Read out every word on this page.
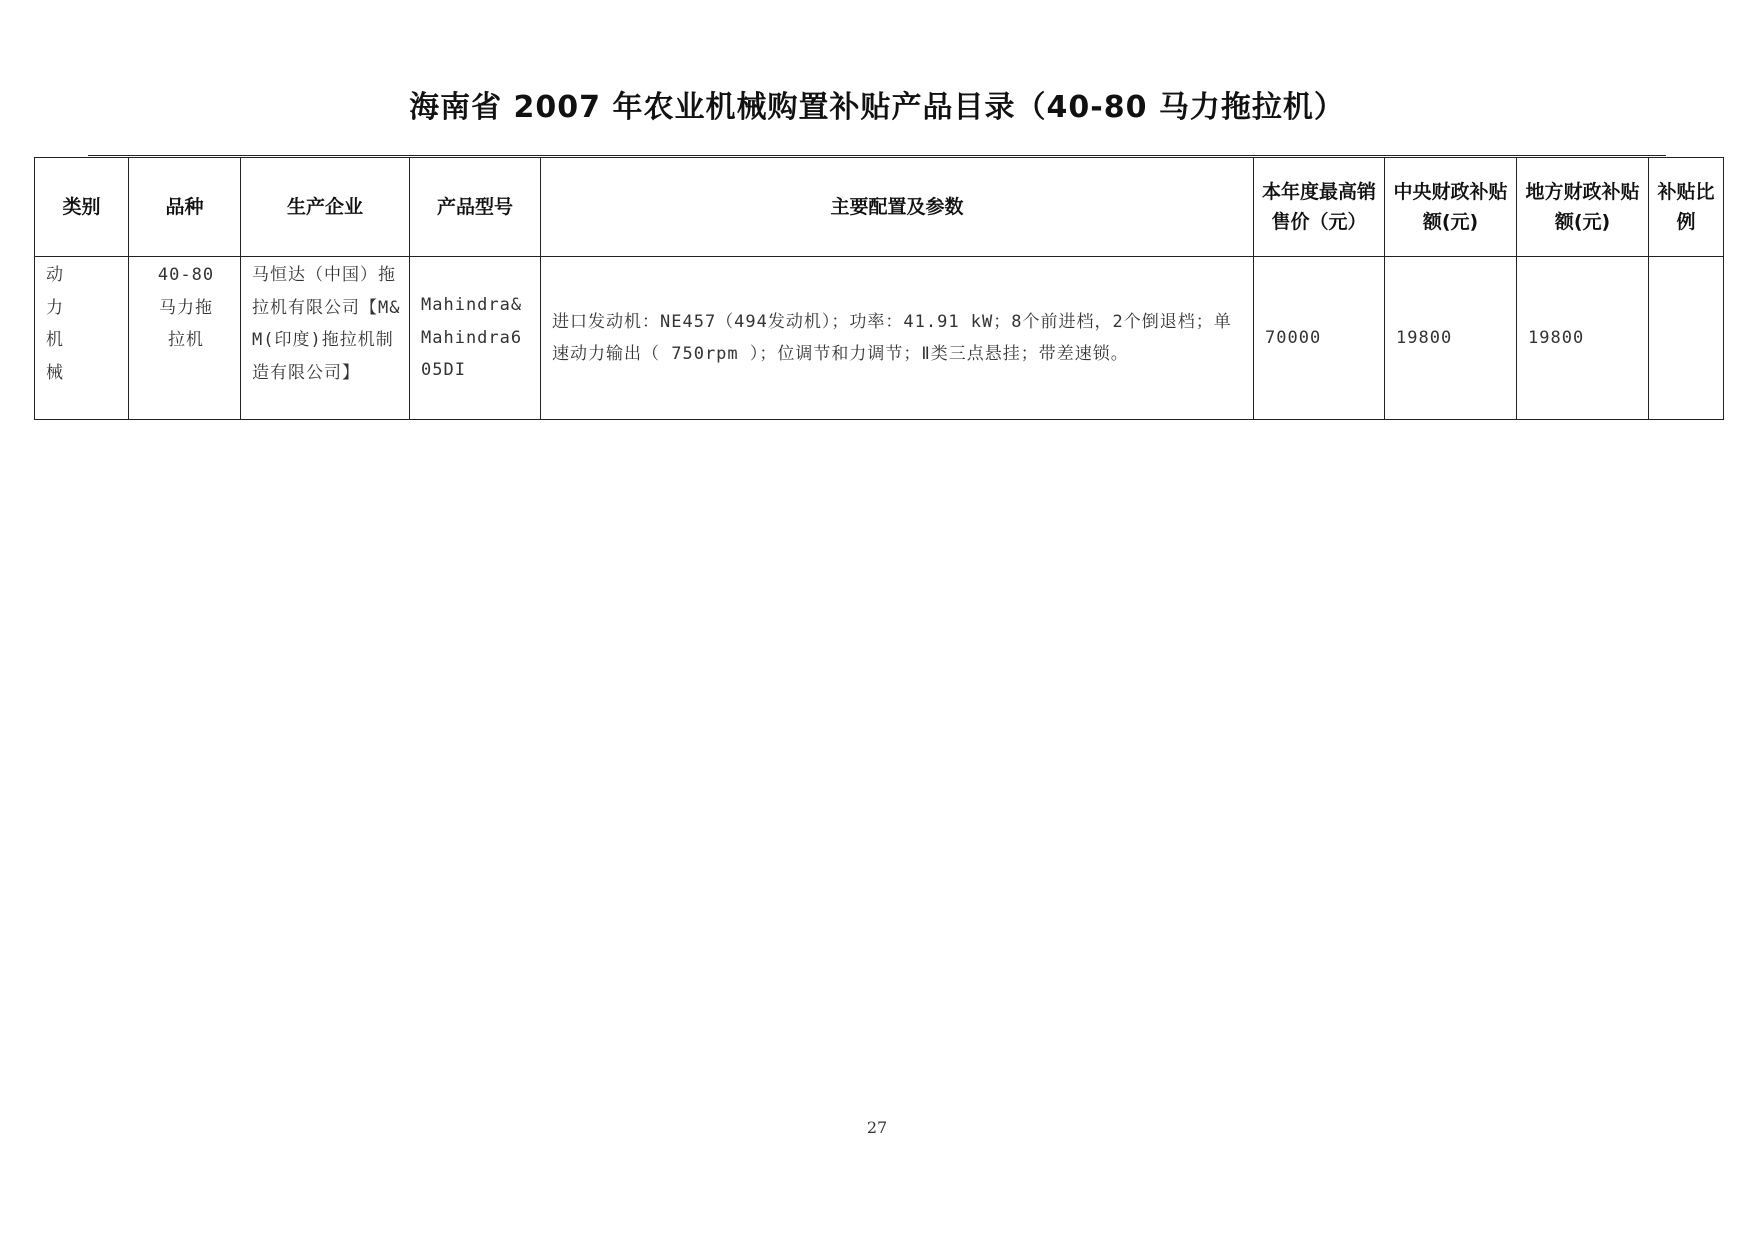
海南省 2007 年农业机械购置补贴产品目录（40-80 马力拖拉机）
类别	品种	生产企业	产品型号	主要配置及参数	本年度最高销售价（元）	中央财政补贴额(元)	地方财政补贴额(元)	补贴比例

动力机械	40-80马力拖拉机	马恒达（中国）拖拉机有限公司【M&M(印度)拖拉机制造有限公司】	Mahindra&Mahindra605DI	进口发动机：NE457（494发动机）；功率：41.91 kW；8个前进档，2个倒退档；单速动力输出（ 750rpm ）；位调节和力调节；Ⅱ类三点悬挂；带差速锁。	70000	19800	19800	
27
